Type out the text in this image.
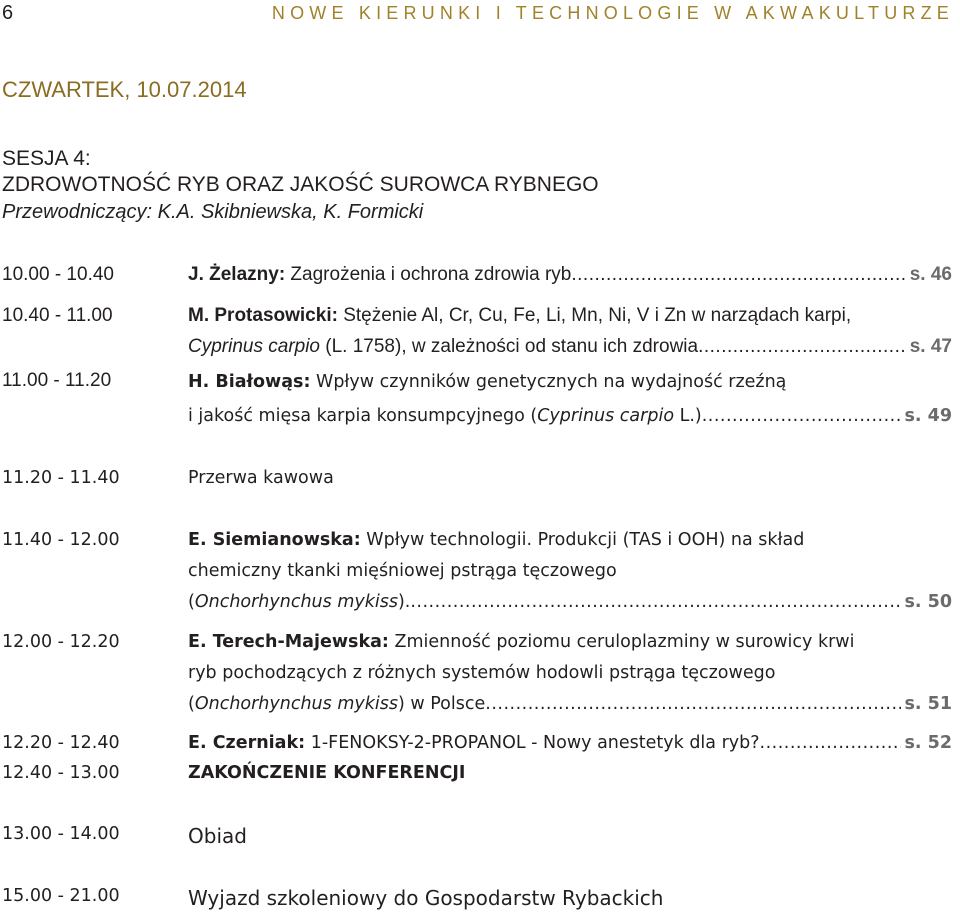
6	NOWE KIERUNKI I TECHNOLOGIE W AKWAKULTURZE
CZWARTEK, 10.07.2014
SESJA 4:
ZDROWOTNOŚĆ RYB ORAZ JAKOŚĆ SUROWCA RYBNEGO
Przewodniczący: K.A. Skibniewska, K. Formicki
10.00 - 10.40	J. Żelazny: Zagrożenia i ochrona zdrowia ryb .....	s. 46
10.40 - 11.00	M. Protasowicki: Stężenie Al, Cr, Cu, Fe, Li, Mn, Ni, V i Zn w narządach karpi,
Cyprinus carpio (L. 1758), w zależności od stanu ich zdrowia .....	s. 47
11.00 - 11.20	H. Białowąs: Wpływ czynników genetycznych na wydajność rzeźną
i jakość mięsa karpia konsumpcyjnego (Cyprinus carpio L.) .....	s. 49
11.20 - 11.40	Przerwa kawowa
11.40 - 12.00	E. Siemianowska: Wpływ technologii. Produkcji (TAS i OOH) na skład
chemiczny tkanki mięśniowej pstrąga tęczowego
(Onchorhynchus mykiss). .....	s. 50
12.00 - 12.20	E. Terech-Majewska: Zmienność poziomu ceruloplazminy w surowicy krwi
ryb pochodzących z różnych systemów hodowli pstrąga tęczowego
(Onchorhynchus mykiss) w Polsce .....	s. 51
12.20 - 12.40	E. Czerniak: 1-FENOKSY-2-PROPANOL - Nowy anestetyk dla ryb? .....	s. 52
12.40 - 13.00	ZAKOŃCZENIE KONFERENCJI
13.00 - 14.00	Obiad
15.00 - 21.00	Wyjazd szkoleniowy do Gospodarstw Rybackich
